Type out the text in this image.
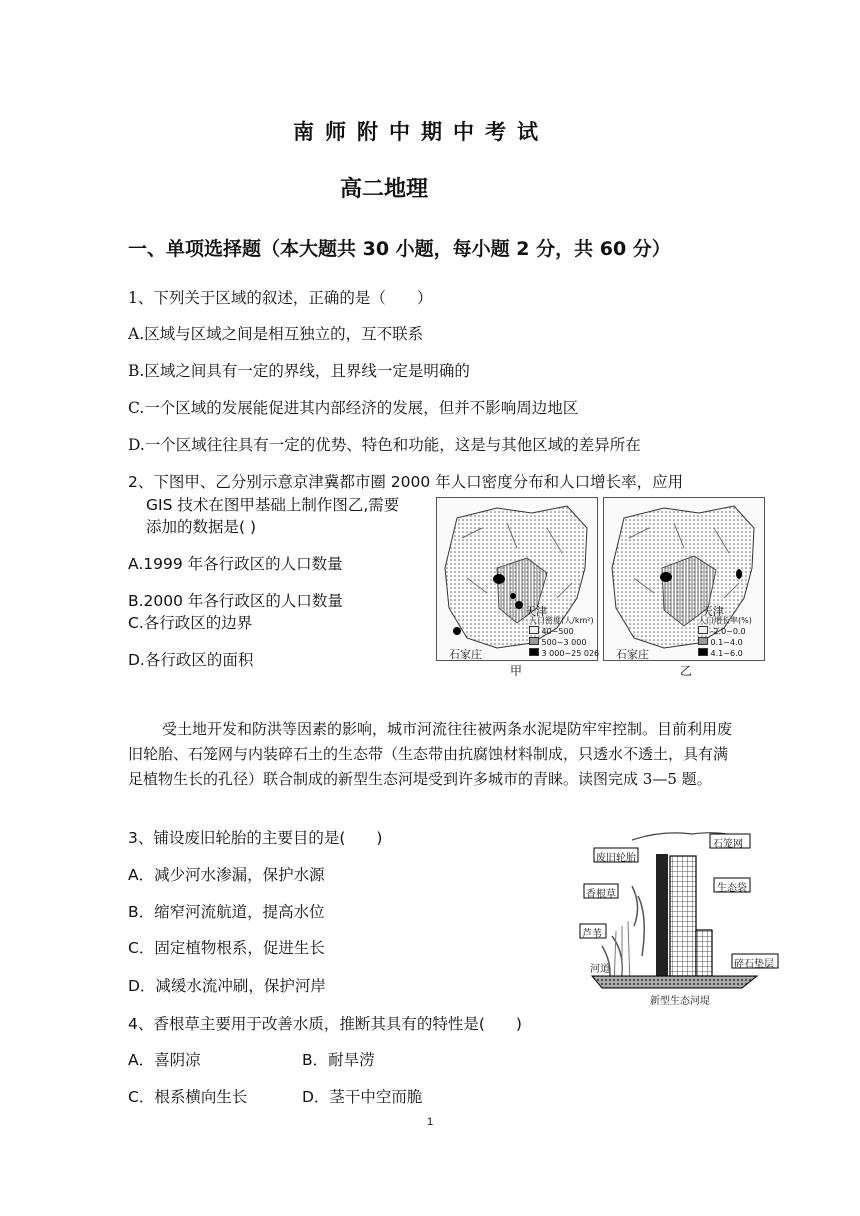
南师附中期中考试
高二地理
一、单项选择题（本大题共 30 小题，每小题 2 分，共 60 分）
1、下列关于区域的叙述，正确的是（　　）
A.区域与区域之间是相互独立的，互不联系
B.区域之间具有一定的界线，且界线一定是明确的
C.一个区域的发展能促进其内部经济的发展，但并不影响周边地区
D.一个区域往往具有一定的优势、特色和功能，这是与其他区域的差异所在
2、下图甲、乙分别示意京津冀都市圈 2000 年人口密度分布和人口增长率，应用
GIS 技术在图甲基础上制作图乙,需要
添加的数据是( )
A.1999 年各行政区的人口数量
B.2000 年各行政区的人口数量
C.各行政区的边界
D.各行政区的面积
天津
石家庄
人口密度(人/km²)
40~500
500~3 000
3 000~25 026
甲
天津
石家庄
人口增长率(%)
-2.0~0.0
0.1~4.0
4.1~6.0
乙
受土地开发和防洪等因素的影响，城市河流往往被两条水泥堤防牢牢控制。目前利用废旧轮胎、石笼网与内装碎石土的生态带（生态带由抗腐蚀材料制成，只透水不透土，具有满足植物生长的孔径）联合制成的新型生态河堤受到许多城市的青睐。读图完成 3—5 题。
3、铺设废旧轮胎的主要目的是(　　)
A．减少河水渗漏，保护水源
B．缩窄河流航道，提高水位
C．固定植物根系，促进生长
D．减缓水流冲刷，保护河岸
4、香根草主要用于改善水质，推断其具有的特性是(　　)
A．喜阴凉	B．耐旱涝
C．根系横向生长	D．茎干中空而脆
废旧轮胎
石笼网
香根草
生态袋
芦苇
河道	碎石垫层
新型生态河堤
1
